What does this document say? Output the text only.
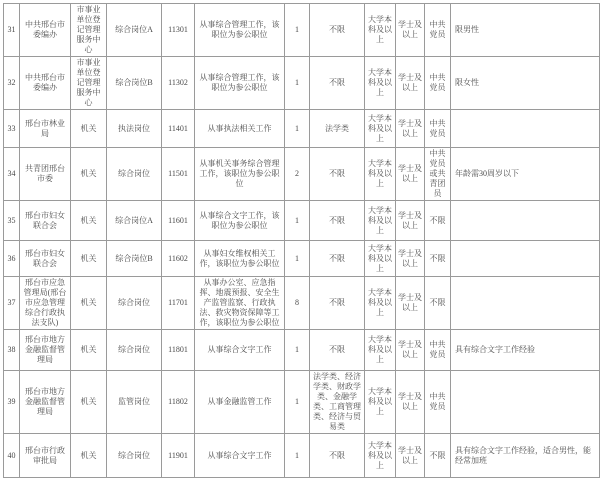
31	中共邢台市委编办	市事业单位登记管理服务中心	综合岗位A	11301	从事综合管理工作，该职位为参公职位	1	不限	大学本科及以上	学士及以上	中共党员	限男性
32	中共邢台市委编办	市事业单位登记管理服务中心	综合岗位B	11302	从事综合管理工作，该职位为参公职位	1	不限	大学本科及以上	学士及以上	中共党员	限女性
33	邢台市林业局	机关	执法岗位	11401	从事执法相关工作	1	法学类	大学本科及以上	学士及以上	中共党员	
34	共青团邢台市委	机关	综合岗位	11501	从事机关事务综合管理工作，该职位为参公职位	2	不限	大学本科及以上	学士及以上	中共党员或共青团员	年龄需30周岁以下
35	邢台市妇女联合会	机关	综合岗位A	11601	从事综合文字工作，该职位为参公职位	1	不限	大学本科及以上	学士及以上	不限	
36	邢台市妇女联合会	机关	综合岗位B	11602	从事妇女维权相关工作，该职位为参公职位	1	不限	大学本科及以上	学士及以上	不限	
37	邢台市应急管理局(邢台市应急管理综合行政执法支队)	机关	综合岗位	11701	从事办公室、应急指挥、地震预报、安全生产监管监察、行政执法、救灾物资保障等工作，该职位为参公职位	8	不限	大学本科及以上	学士及以上	不限	
38	邢台市地方金融监督管理局	机关	综合岗位	11801	从事综合文字工作	1	不限	大学本科及以上	学士及以上	中共党员	具有综合文字工作经验
39	邢台市地方金融监督管理局	机关	监管岗位	11802	从事金融监管工作	1	法学类、经济学类、财政学类、金融学类、工商管理类、经济与贸易类	大学本科及以上	学士及以上	中共党员	
40	邢台市行政审批局	机关	综合岗位	11901	从事综合文字工作	1	不限	大学本科及以上	学士及以上	不限	具有综合文字工作经验，适合男性，能经常加班
